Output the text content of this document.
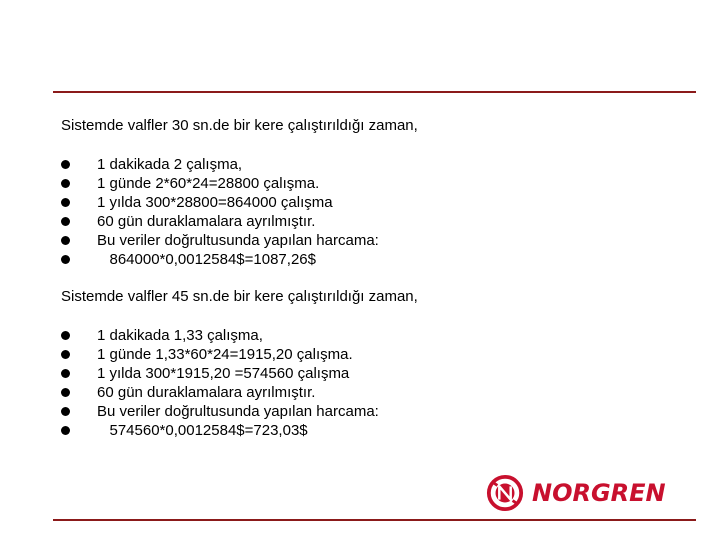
Sistemde valfler 30 sn.de bir kere çalıştırıldığı zaman,

1 dakikada 2 çalışma,
1 günde 2*60*24=28800 çalışma.
1 yılda 300*28800=864000 çalışma
60 gün duraklamalara ayrılmıştır.
Bu veriler doğrultusunda yapılan harcama:
864000*0,0012584$=1087,26$

Sistemde valfler 45 sn.de bir kere çalıştırıldığı zaman,

1 dakikada 1,33 çalışma,
1 günde 1,33*60*24=1915,20 çalışma.
1 yılda 300*1915,20 =574560 çalışma
60 gün duraklamalara ayrılmıştır.
Bu veriler doğrultusunda yapılan harcama:
574560*0,0012584$=723,03$
NORGREN
